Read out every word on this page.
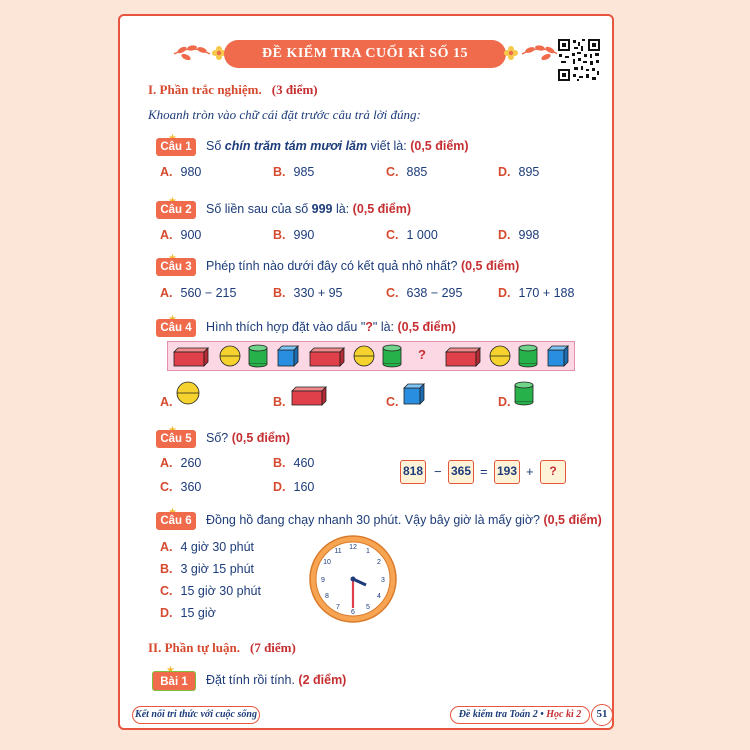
ĐỀ KIỂM TRA CUỐI KÌ SỐ 15
I. Phần trắc nghiệm. (3 điểm)
Khoanh tròn vào chữ cái đặt trước câu trả lời đúng:
Câu 1	Số chín trăm tám mươi lăm viết là: (0,5 điểm)
A. 980	B. 985	C. 885	D. 895
Câu 2	Số liền sau của số 999 là: (0,5 điểm)
A. 900	B. 990	C. 1 000	D. 998
Câu 3	Phép tính nào dưới đây có kết quả nhỏ nhất? (0,5 điểm)
A. 560 − 215	B. 330 + 95	C. 638 − 295	D. 170 + 188
Câu 4	Hình thích hợp đặt vào dấu "?" là: (0,5 điểm)
?
A.	B.	C.	D.
Câu 5	Số? (0,5 điểm)
A. 260	B. 460
C. 360	D. 160
818 − 365 = 193 +	?
Câu 6	Đồng hồ đang chạy nhanh 30 phút. Vậy bây giờ là mấy giờ? (0,5 điểm)
A. 4 giờ 30 phút
B. 3 giờ 15 phút
C. 15 giờ 30 phút
D. 15 giờ
12
1
2
3
4
5
6
7
8
9
10
11
II. Phần tự luận. (7 điểm)
Bài 1	Đặt tính rồi tính. (2 điểm)
Kết nối tri thức với cuộc sống	Đề kiểm tra Toán 2 • Học kì 2	51
